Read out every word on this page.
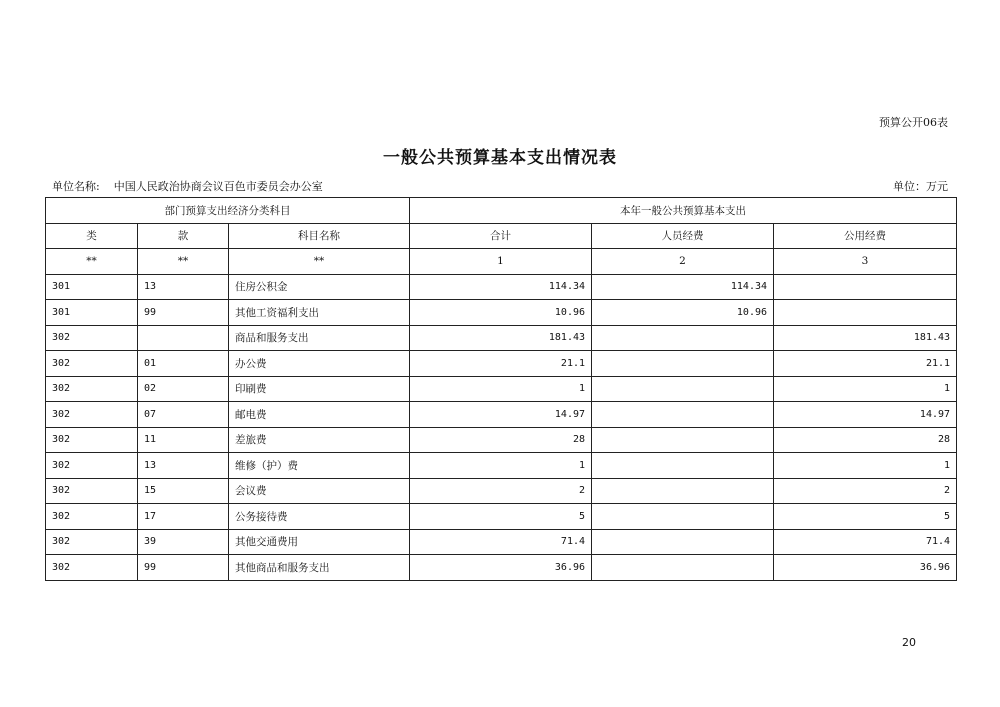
预算公开06表
一般公共预算基本支出情况表
单位名称: 中国人民政治协商会议百色市委员会办公室	单位：万元
部门预算支出经济分类科目			本年一般公共预算基本支出		
类	款	科目名称	合计	人员经费	公用经费
**	**	**	1	2	3
301	13	住房公积金	114.34	114.34	
301	99	其他工资福利支出	10.96	10.96	
302		商品和服务支出	181.43		181.43
302	01	办公费	21.1		21.1
302	02	印刷费	1		1
302	07	邮电费	14.97		14.97
302	11	差旅费	28		28
302	13	维修（护）费	1		1
302	15	会议费	2		2
302	17	公务接待费	5		5
302	39	其他交通费用	71.4		71.4
302	99	其他商品和服务支出	36.96		36.96
20
